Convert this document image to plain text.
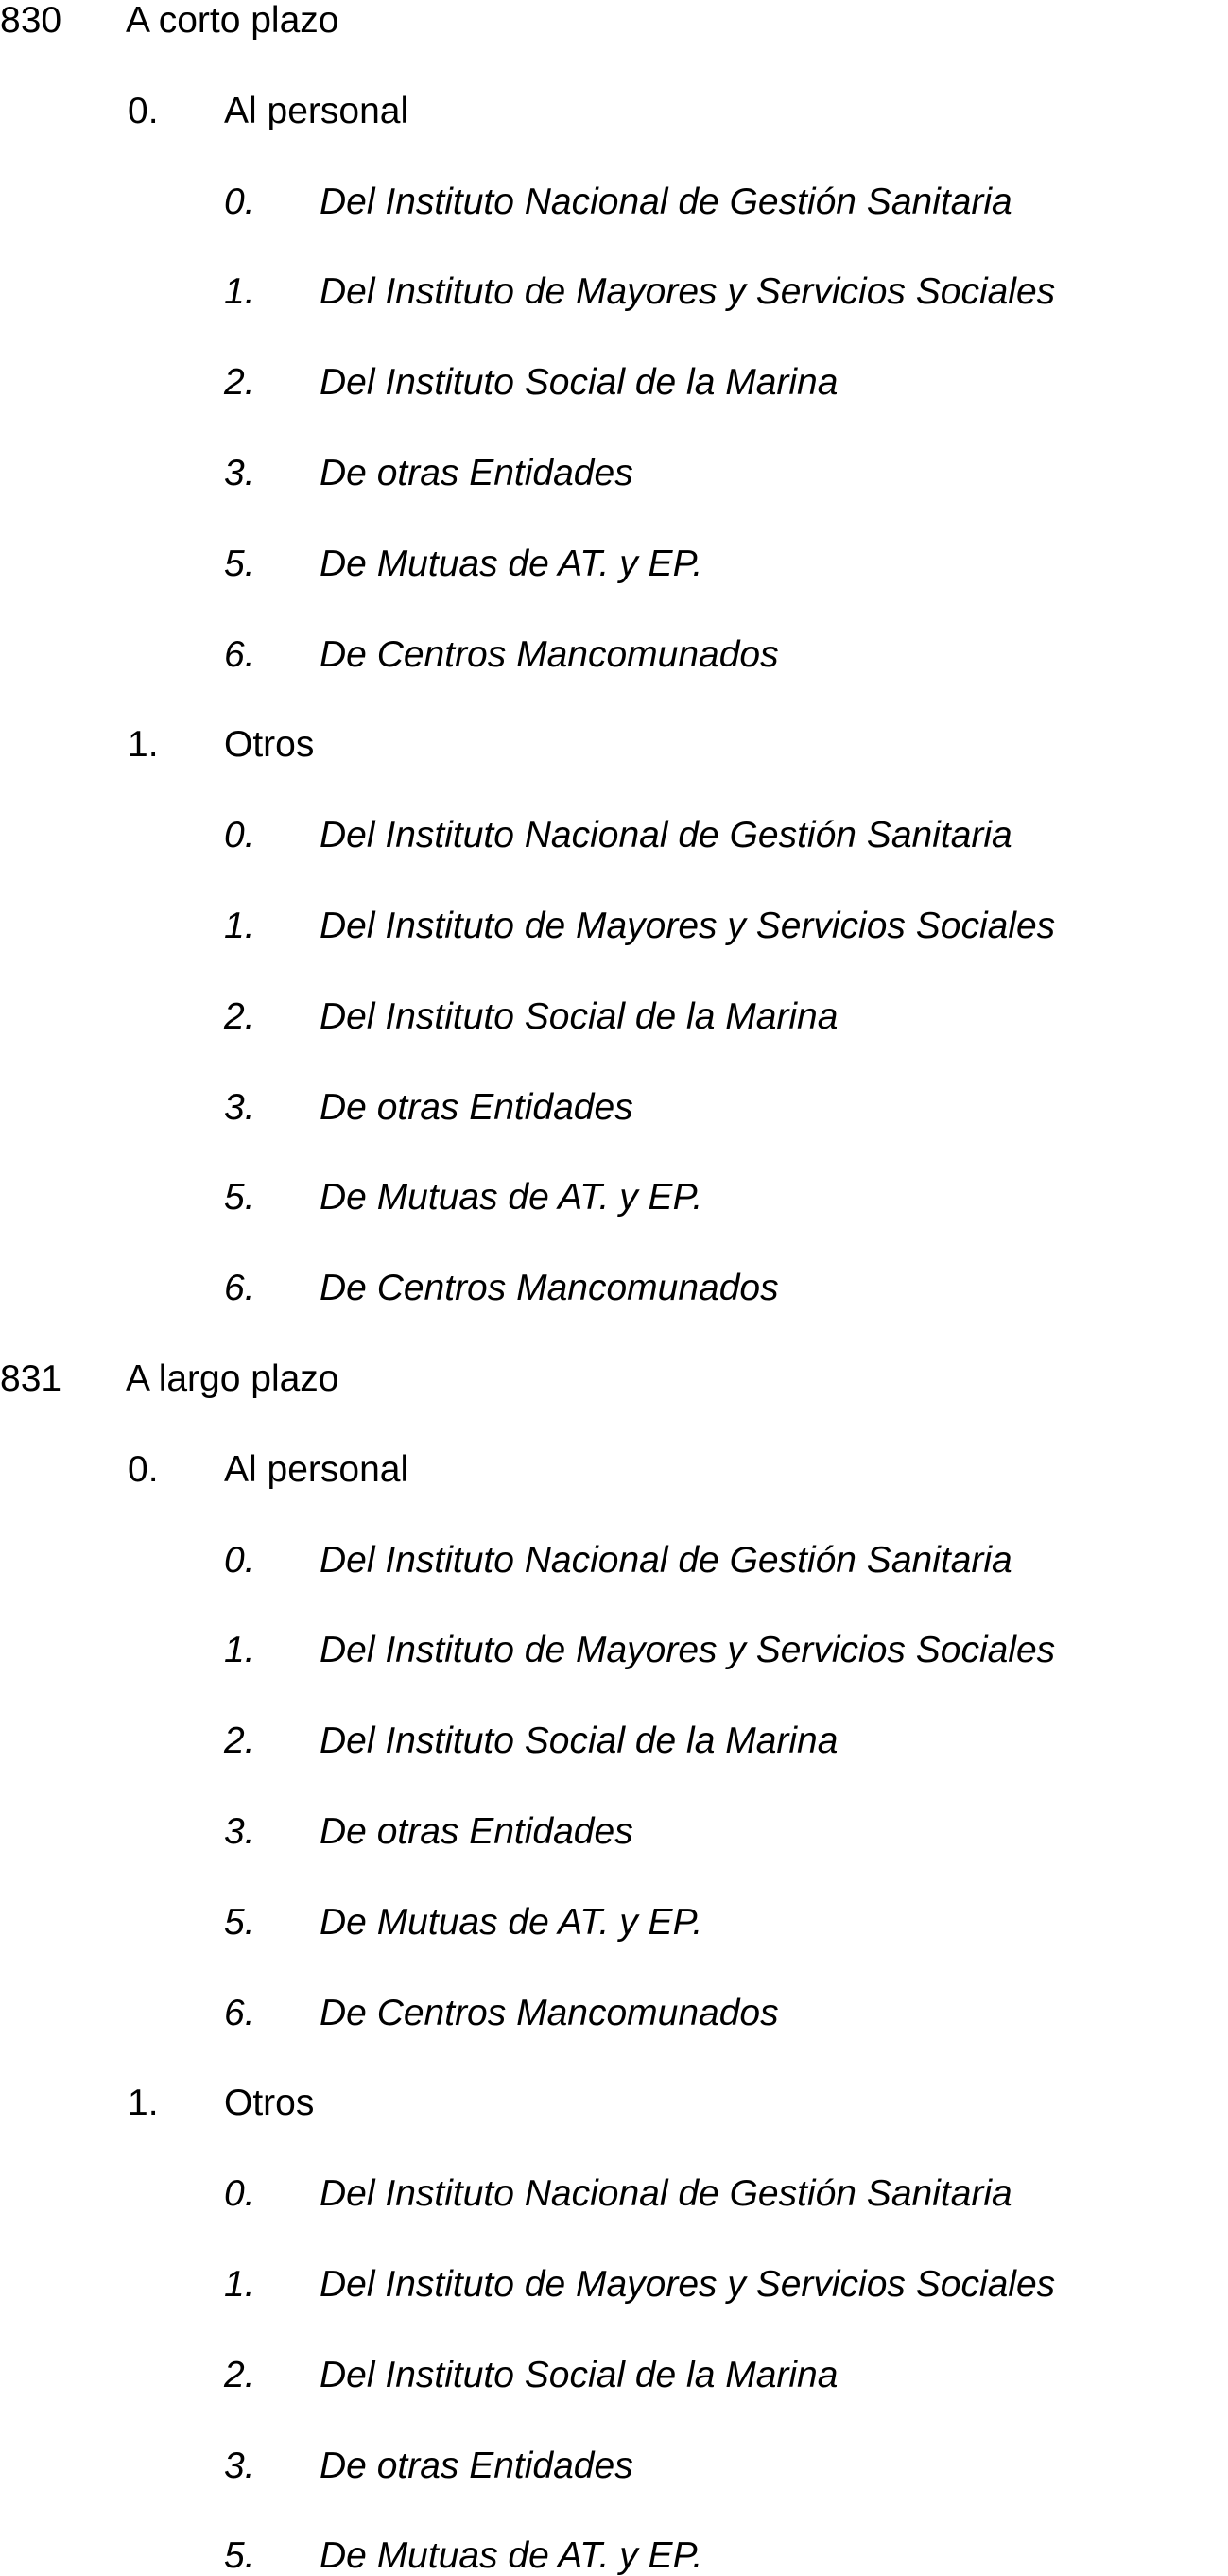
830 A corto plazo
0. Al personal
0. Del Instituto Nacional de Gestión Sanitaria
1. Del Instituto de Mayores y Servicios Sociales
2. Del Instituto Social de la Marina
3. De otras Entidades
5. De Mutuas de AT. y EP.
6. De Centros Mancomunados
1. Otros
0. Del Instituto Nacional de Gestión Sanitaria
1. Del Instituto de Mayores y Servicios Sociales
2. Del Instituto Social de la Marina
3. De otras Entidades
5. De Mutuas de AT. y EP.
6. De Centros Mancomunados
831 A largo plazo
0. Al personal
0. Del Instituto Nacional de Gestión Sanitaria
1. Del Instituto de Mayores y Servicios Sociales
2. Del Instituto Social de la Marina
3. De otras Entidades
5. De Mutuas de AT. y EP.
6. De Centros Mancomunados
1. Otros
0. Del Instituto Nacional de Gestión Sanitaria
1. Del Instituto de Mayores y Servicios Sociales
2. Del Instituto Social de la Marina
3. De otras Entidades
5. De Mutuas de AT. y EP.
